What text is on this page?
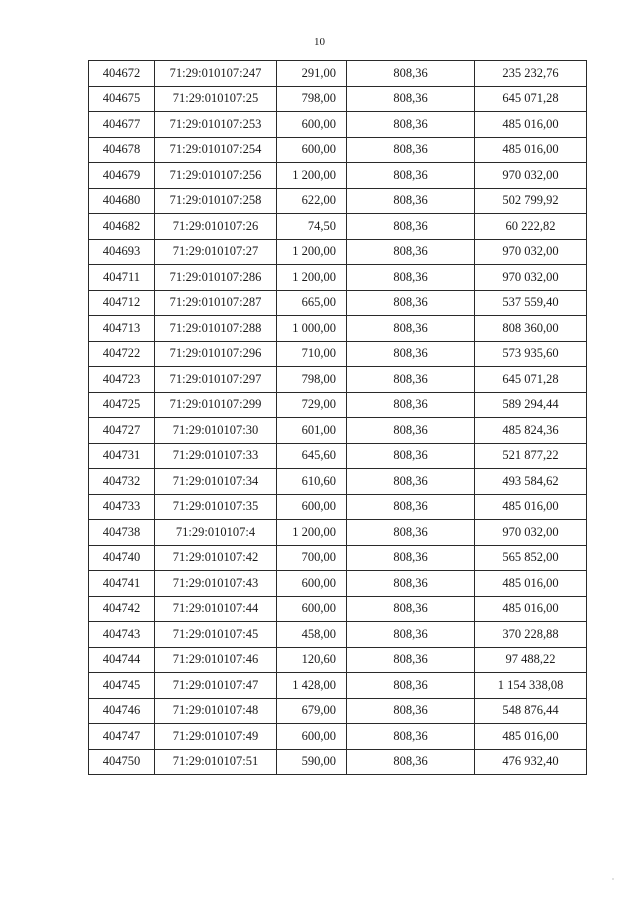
10
404672	71:29:010107:247	291,00	808,36	235 232,76
404675	71:29:010107:25	798,00	808,36	645 071,28
404677	71:29:010107:253	600,00	808,36	485 016,00
404678	71:29:010107:254	600,00	808,36	485 016,00
404679	71:29:010107:256	1 200,00	808,36	970 032,00
404680	71:29:010107:258	622,00	808,36	502 799,92
404682	71:29:010107:26	74,50	808,36	60 222,82
404693	71:29:010107:27	1 200,00	808,36	970 032,00
404711	71:29:010107:286	1 200,00	808,36	970 032,00
404712	71:29:010107:287	665,00	808,36	537 559,40
404713	71:29:010107:288	1 000,00	808,36	808 360,00
404722	71:29:010107:296	710,00	808,36	573 935,60
404723	71:29:010107:297	798,00	808,36	645 071,28
404725	71:29:010107:299	729,00	808,36	589 294,44
404727	71:29:010107:30	601,00	808,36	485 824,36
404731	71:29:010107:33	645,60	808,36	521 877,22
404732	71:29:010107:34	610,60	808,36	493 584,62
404733	71:29:010107:35	600,00	808,36	485 016,00
404738	71:29:010107:4	1 200,00	808,36	970 032,00
404740	71:29:010107:42	700,00	808,36	565 852,00
404741	71:29:010107:43	600,00	808,36	485 016,00
404742	71:29:010107:44	600,00	808,36	485 016,00
404743	71:29:010107:45	458,00	808,36	370 228,88
404744	71:29:010107:46	120,60	808,36	97 488,22
404745	71:29:010107:47	1 428,00	808,36	1 154 338,08
404746	71:29:010107:48	679,00	808,36	548 876,44
404747	71:29:010107:49	600,00	808,36	485 016,00
404750	71:29:010107:51	590,00	808,36	476 932,40
